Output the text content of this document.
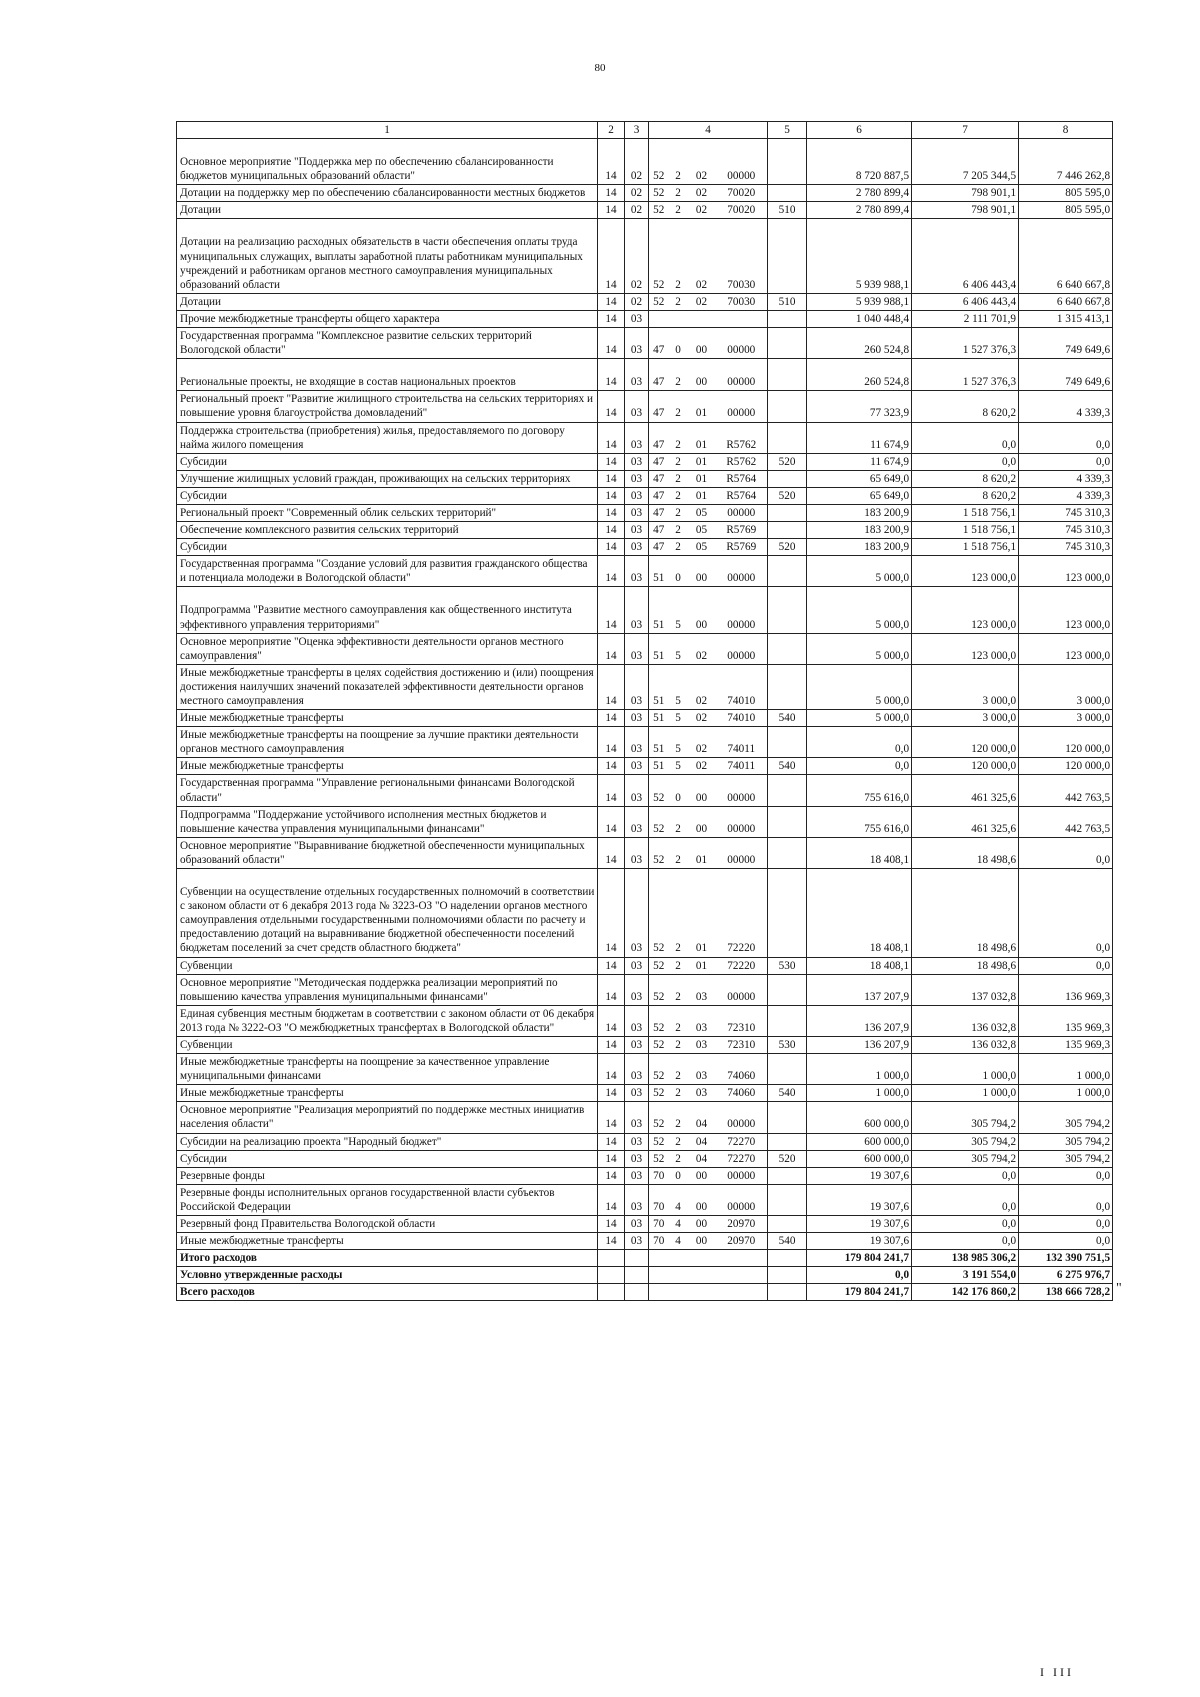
80
1	2	3	4				5	6	7	8
Основное мероприятие "Поддержка мер по обеспечению сбалансированности бюджетов муниципальных образований области"	14	02	52	2	02	00000		8 720 887,5	7 205 344,5	7 446 262,8
Дотации на поддержку мер по обеспечению сбалансированности местных бюджетов	14	02	52	2	02	70020		2 780 899,4	798 901,1	805 595,0
Дотации	14	02	52	2	02	70020	510	2 780 899,4	798 901,1	805 595,0
Дотации на реализацию расходных обязательств в части обеспечения оплаты труда муниципальных служащих, выплаты заработной платы работникам муниципальных учреждений и работникам органов местного самоуправления муниципальных образований области	14	02	52	2	02	70030		5 939 988,1	6 406 443,4	6 640 667,8
Дотации	14	02	52	2	02	70030	510	5 939 988,1	6 406 443,4	6 640 667,8
Прочие межбюджетные трансферты общего характера	14	03						1 040 448,4	2 111 701,9	1 315 413,1
Государственная программа "Комплексное развитие сельских территорий Вологодской области"	14	03	47	0	00	00000		260 524,8	1 527 376,3	749 649,6
Региональные проекты, не входящие в состав национальных проектов	14	03	47	2	00	00000		260 524,8	1 527 376,3	749 649,6
Региональный проект "Развитие жилищного строительства на сельских территориях и повышение уровня благоустройства домовладений"	14	03	47	2	01	00000		77 323,9	8 620,2	4 339,3
Поддержка строительства (приобретения) жилья, предоставляемого по договору найма жилого помещения	14	03	47	2	01	R5762		11 674,9	0,0	0,0
Субсидии	14	03	47	2	01	R5762	520	11 674,9	0,0	0,0
Улучшение жилищных условий граждан, проживающих на сельских территориях	14	03	47	2	01	R5764		65 649,0	8 620,2	4 339,3
Субсидии	14	03	47	2	01	R5764	520	65 649,0	8 620,2	4 339,3
Региональный проект "Современный облик сельских территорий"	14	03	47	2	05	00000		183 200,9	1 518 756,1	745 310,3
Обеспечение комплексного развития сельских территорий	14	03	47	2	05	R5769		183 200,9	1 518 756,1	745 310,3
Субсидии	14	03	47	2	05	R5769	520	183 200,9	1 518 756,1	745 310,3
Государственная программа "Создание условий для развития гражданского общества и потенциала молодежи в Вологодской области"	14	03	51	0	00	00000		5 000,0	123 000,0	123 000,0
Подпрограмма "Развитие местного самоуправления как общественного института эффективного управления территориями"	14	03	51	5	00	00000		5 000,0	123 000,0	123 000,0
Основное мероприятие "Оценка эффективности деятельности органов местного самоуправления"	14	03	51	5	02	00000		5 000,0	123 000,0	123 000,0
Иные межбюджетные трансферты в целях содействия достижению и (или) поощрения достижения наилучших значений показателей эффективности деятельности органов местного самоуправления	14	03	51	5	02	74010		5 000,0	3 000,0	3 000,0
Иные межбюджетные трансферты	14	03	51	5	02	74010	540	5 000,0	3 000,0	3 000,0
Иные межбюджетные трансферты на поощрение за лучшие практики деятельности органов местного самоуправления	14	03	51	5	02	74011		0,0	120 000,0	120 000,0
Иные межбюджетные трансферты	14	03	51	5	02	74011	540	0,0	120 000,0	120 000,0
Государственная программа "Управление региональными финансами Вологодской области"	14	03	52	0	00	00000		755 616,0	461 325,6	442 763,5
Подпрограмма "Поддержание устойчивого исполнения местных бюджетов и повышение качества управления муниципальными финансами"	14	03	52	2	00	00000		755 616,0	461 325,6	442 763,5
Основное мероприятие "Выравнивание бюджетной обеспеченности муниципальных образований области"	14	03	52	2	01	00000		18 408,1	18 498,6	0,0
Субвенции на осуществление отдельных государственных полномочий в соответствии с законом области от 6 декабря 2013 года № 3223-ОЗ "О наделении органов местного самоуправления отдельными государственными полномочиями области по расчету и предоставлению дотаций на выравнивание бюджетной обеспеченности поселений бюджетам поселений за счет средств областного бюджета"	14	03	52	2	01	72220		18 408,1	18 498,6	0,0
Субвенции	14	03	52	2	01	72220	530	18 408,1	18 498,6	0,0
Основное мероприятие "Методическая поддержка реализации мероприятий по повышению качества управления муниципальными финансами"	14	03	52	2	03	00000		137 207,9	137 032,8	136 969,3
Единая субвенция местным бюджетам в соответствии с законом области от 06 декабря 2013 года № 3222-ОЗ "О межбюджетных трансфертах в Вологодской области"	14	03	52	2	03	72310		136 207,9	136 032,8	135 969,3
Субвенции	14	03	52	2	03	72310	530	136 207,9	136 032,8	135 969,3
Иные межбюджетные трансферты на поощрение за качественное управление муниципальными финансами	14	03	52	2	03	74060		1 000,0	1 000,0	1 000,0
Иные межбюджетные трансферты	14	03	52	2	03	74060	540	1 000,0	1 000,0	1 000,0
Основное мероприятие "Реализация мероприятий по поддержке местных инициатив населения области"	14	03	52	2	04	00000		600 000,0	305 794,2	305 794,2
Субсидии на реализацию проекта "Народный бюджет"	14	03	52	2	04	72270		600 000,0	305 794,2	305 794,2
Субсидии	14	03	52	2	04	72270	520	600 000,0	305 794,2	305 794,2
Резервные фонды	14	03	70	0	00	00000		19 307,6	0,0	0,0
Резервные фонды исполнительных органов государственной власти субъектов Российской Федерации	14	03	70	4	00	00000		19 307,6	0,0	0,0
Резервный фонд Правительства Вологодской области	14	03	70	4	00	20970		19 307,6	0,0	0,0
Иные межбюджетные трансферты	14	03	70	4	00	20970	540	19 307,6	0,0	0,0
Итого расходов								179 804 241,7	138 985 306,2	132 390 751,5
Условно утвержденные расходы								0,0	3 191 554,0	6 275 976,7
Всего расходов								179 804 241,7	142 176 860,2	138 666 728,2 "
I III
